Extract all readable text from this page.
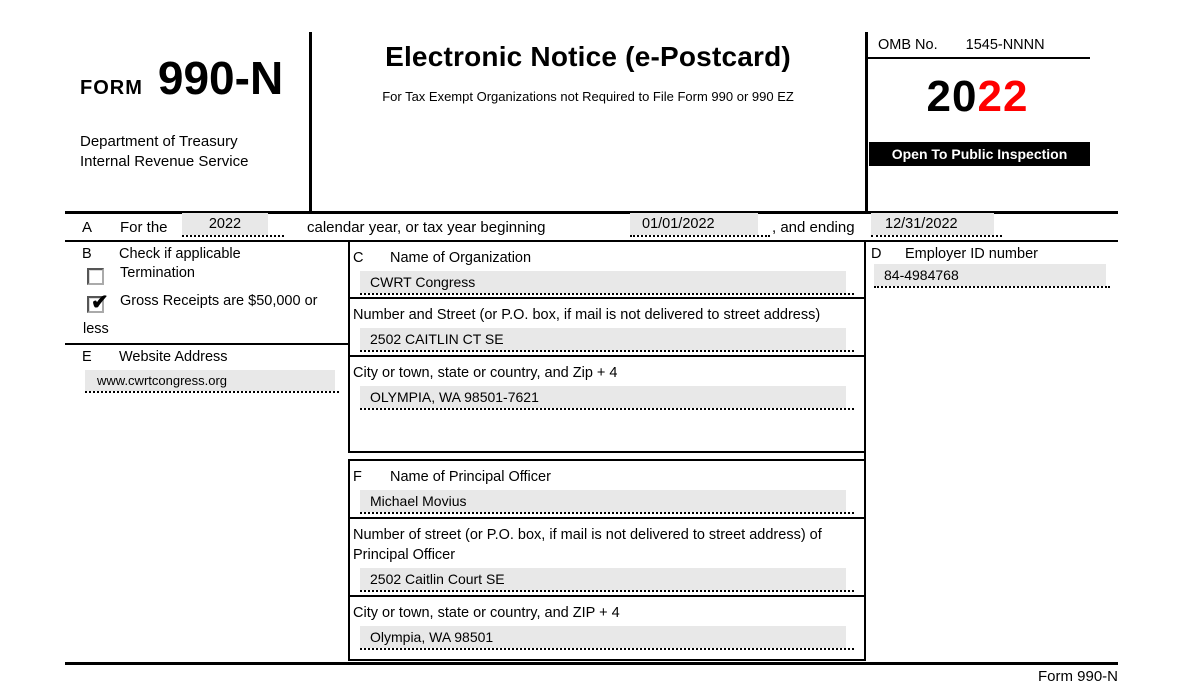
FORM 990-N
Department of Treasury
Internal Revenue Service
Electronic Notice (e-Postcard)
For Tax Exempt Organizations not Required to File Form 990 or 990 EZ
OMB No. 1545-NNNN
2022
Open To Public Inspection
A For the	2022	calendar year, or tax year beginning	01/01/2022	, and ending	12/31/2022
B Check if applicable
Termination
✔ Gross Receipts are $50,000 or
less
E Website Address
www.cwrtcongress.org
D Employer ID number
84-4984768
C Name of Organization
CWRT Congress
Number and Street (or P.O. box, if mail is not delivered to street address)
2502 CAITLIN CT SE
City or town, state or country, and Zip + 4
OLYMPIA, WA 98501-7621
F Name of Principal Officer
Michael Movius
Number of street (or P.O. box, if mail is not delivered to street address) of
Principal Officer
2502 Caitlin Court SE
City or town, state or country, and ZIP + 4
Olympia, WA 98501
Form 990-N
